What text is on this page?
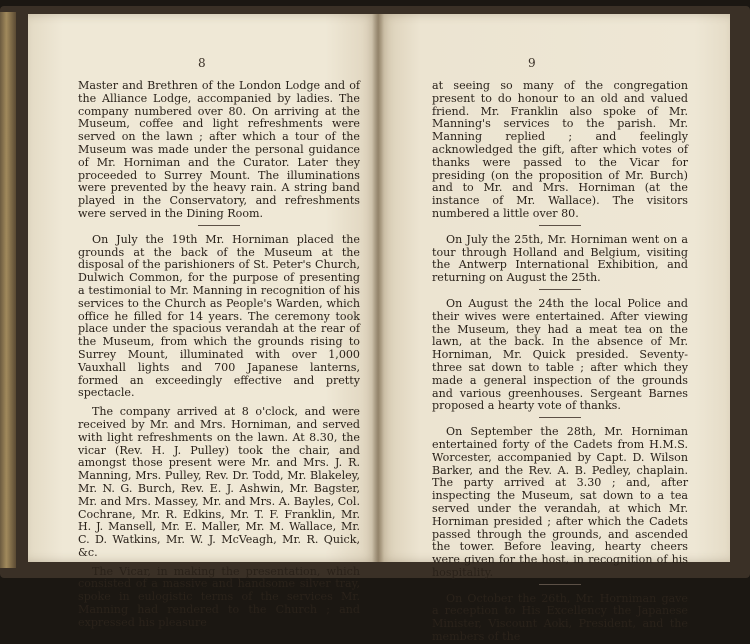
8

Master and Brethren of the London Lodge and of the Alliance Lodge, accompanied by ladies. The company numbered over 80. On arriving at the Museum, coffee and light refreshments were served on the lawn ; after which a tour of the Museum was made under the personal guidance of Mr. Horniman and the Curator. Later they proceeded to Surrey Mount. The illuminations were prevented by the heavy rain. A string band played in the Conservatory, and refreshments were served in the Dining Room.

On July the 19th Mr. Horniman placed the grounds at the back of the Museum at the disposal of the parishioners of St. Peter's Church, Dulwich Common, for the purpose of presenting a testimonial to Mr. Manning in recognition of his services to the Church as People's Warden, which office he filled for 14 years. The ceremony took place under the spacious verandah at the rear of the Museum, from which the grounds rising to Surrey Mount, illuminated with over 1,000 Vauxhall lights and 700 Japanese lanterns, formed an exceedingly effective and pretty spectacle.

The company arrived at 8 o'clock, and were received by Mr. and Mrs. Horniman, and served with light refreshments on the lawn. At 8.30, the vicar (Rev. H. J. Pulley) took the chair, and amongst those present were Mr. and Mrs. J. R. Manning, Mrs. Pulley, Rev. Dr. Todd, Mr. Blakeley, Mr. N. G. Burch, Rev. E. J. Ashwin, Mr. Bagster, Mr. and Mrs. Massey, Mr. and Mrs. A. Bayles, Col. Cochrane, Mr. R. Edkins, Mr. T. F. Franklin, Mr. H. J. Mansell, Mr. E. Maller, Mr. M. Wallace, Mr. C. D. Watkins, Mr. W. J. McVeagh, Mr. R. Quick, &c.

The Vicar, in making the presentation, which consisted of a massive and handsome silver tray, spoke in eulogistic terms of the services Mr. Manning had rendered to the Church ; and expressed his pleasure

9

at seeing so many of the congregation present to do honour to an old and valued friend. Mr. Franklin also spoke of Mr. Manning's services to the parish. Mr. Manning replied ; and feelingly acknowledged the gift, after which votes of thanks were passed to the Vicar for presiding (on the proposition of Mr. Burch) and to Mr. and Mrs. Horniman (at the instance of Mr. Wallace). The visitors numbered a little over 80.

On July the 25th, Mr. Horniman went on a tour through Holland and Belgium, visiting the Antwerp International Exhibition, and returning on August the 25th.

On August the 24th the local Police and their wives were entertained. After viewing the Museum, they had a meat tea on the lawn, at the back. In the absence of Mr. Horniman, Mr. Quick presided. Seventy-three sat down to table ; after which they made a general inspection of the grounds and various greenhouses. Sergeant Barnes proposed a hearty vote of thanks.

On September the 28th, Mr. Horniman entertained forty of the Cadets from H.M.S. Worcester, accompanied by Capt. D. Wilson Barker, and the Rev. A. B. Pedley, chaplain. The party arrived at 3.30 ; and, after inspecting the Museum, sat down to a tea served under the verandah, at which Mr. Horniman presided ; after which the Cadets passed through the grounds, and ascended the tower. Before leaving, hearty cheers were given for the host, in recognition of his hospitality.

On October the 26th, Mr. Horniman gave a reception to His Excellency the Japanese Minister, Viscount Aoki, President, and the members of the
